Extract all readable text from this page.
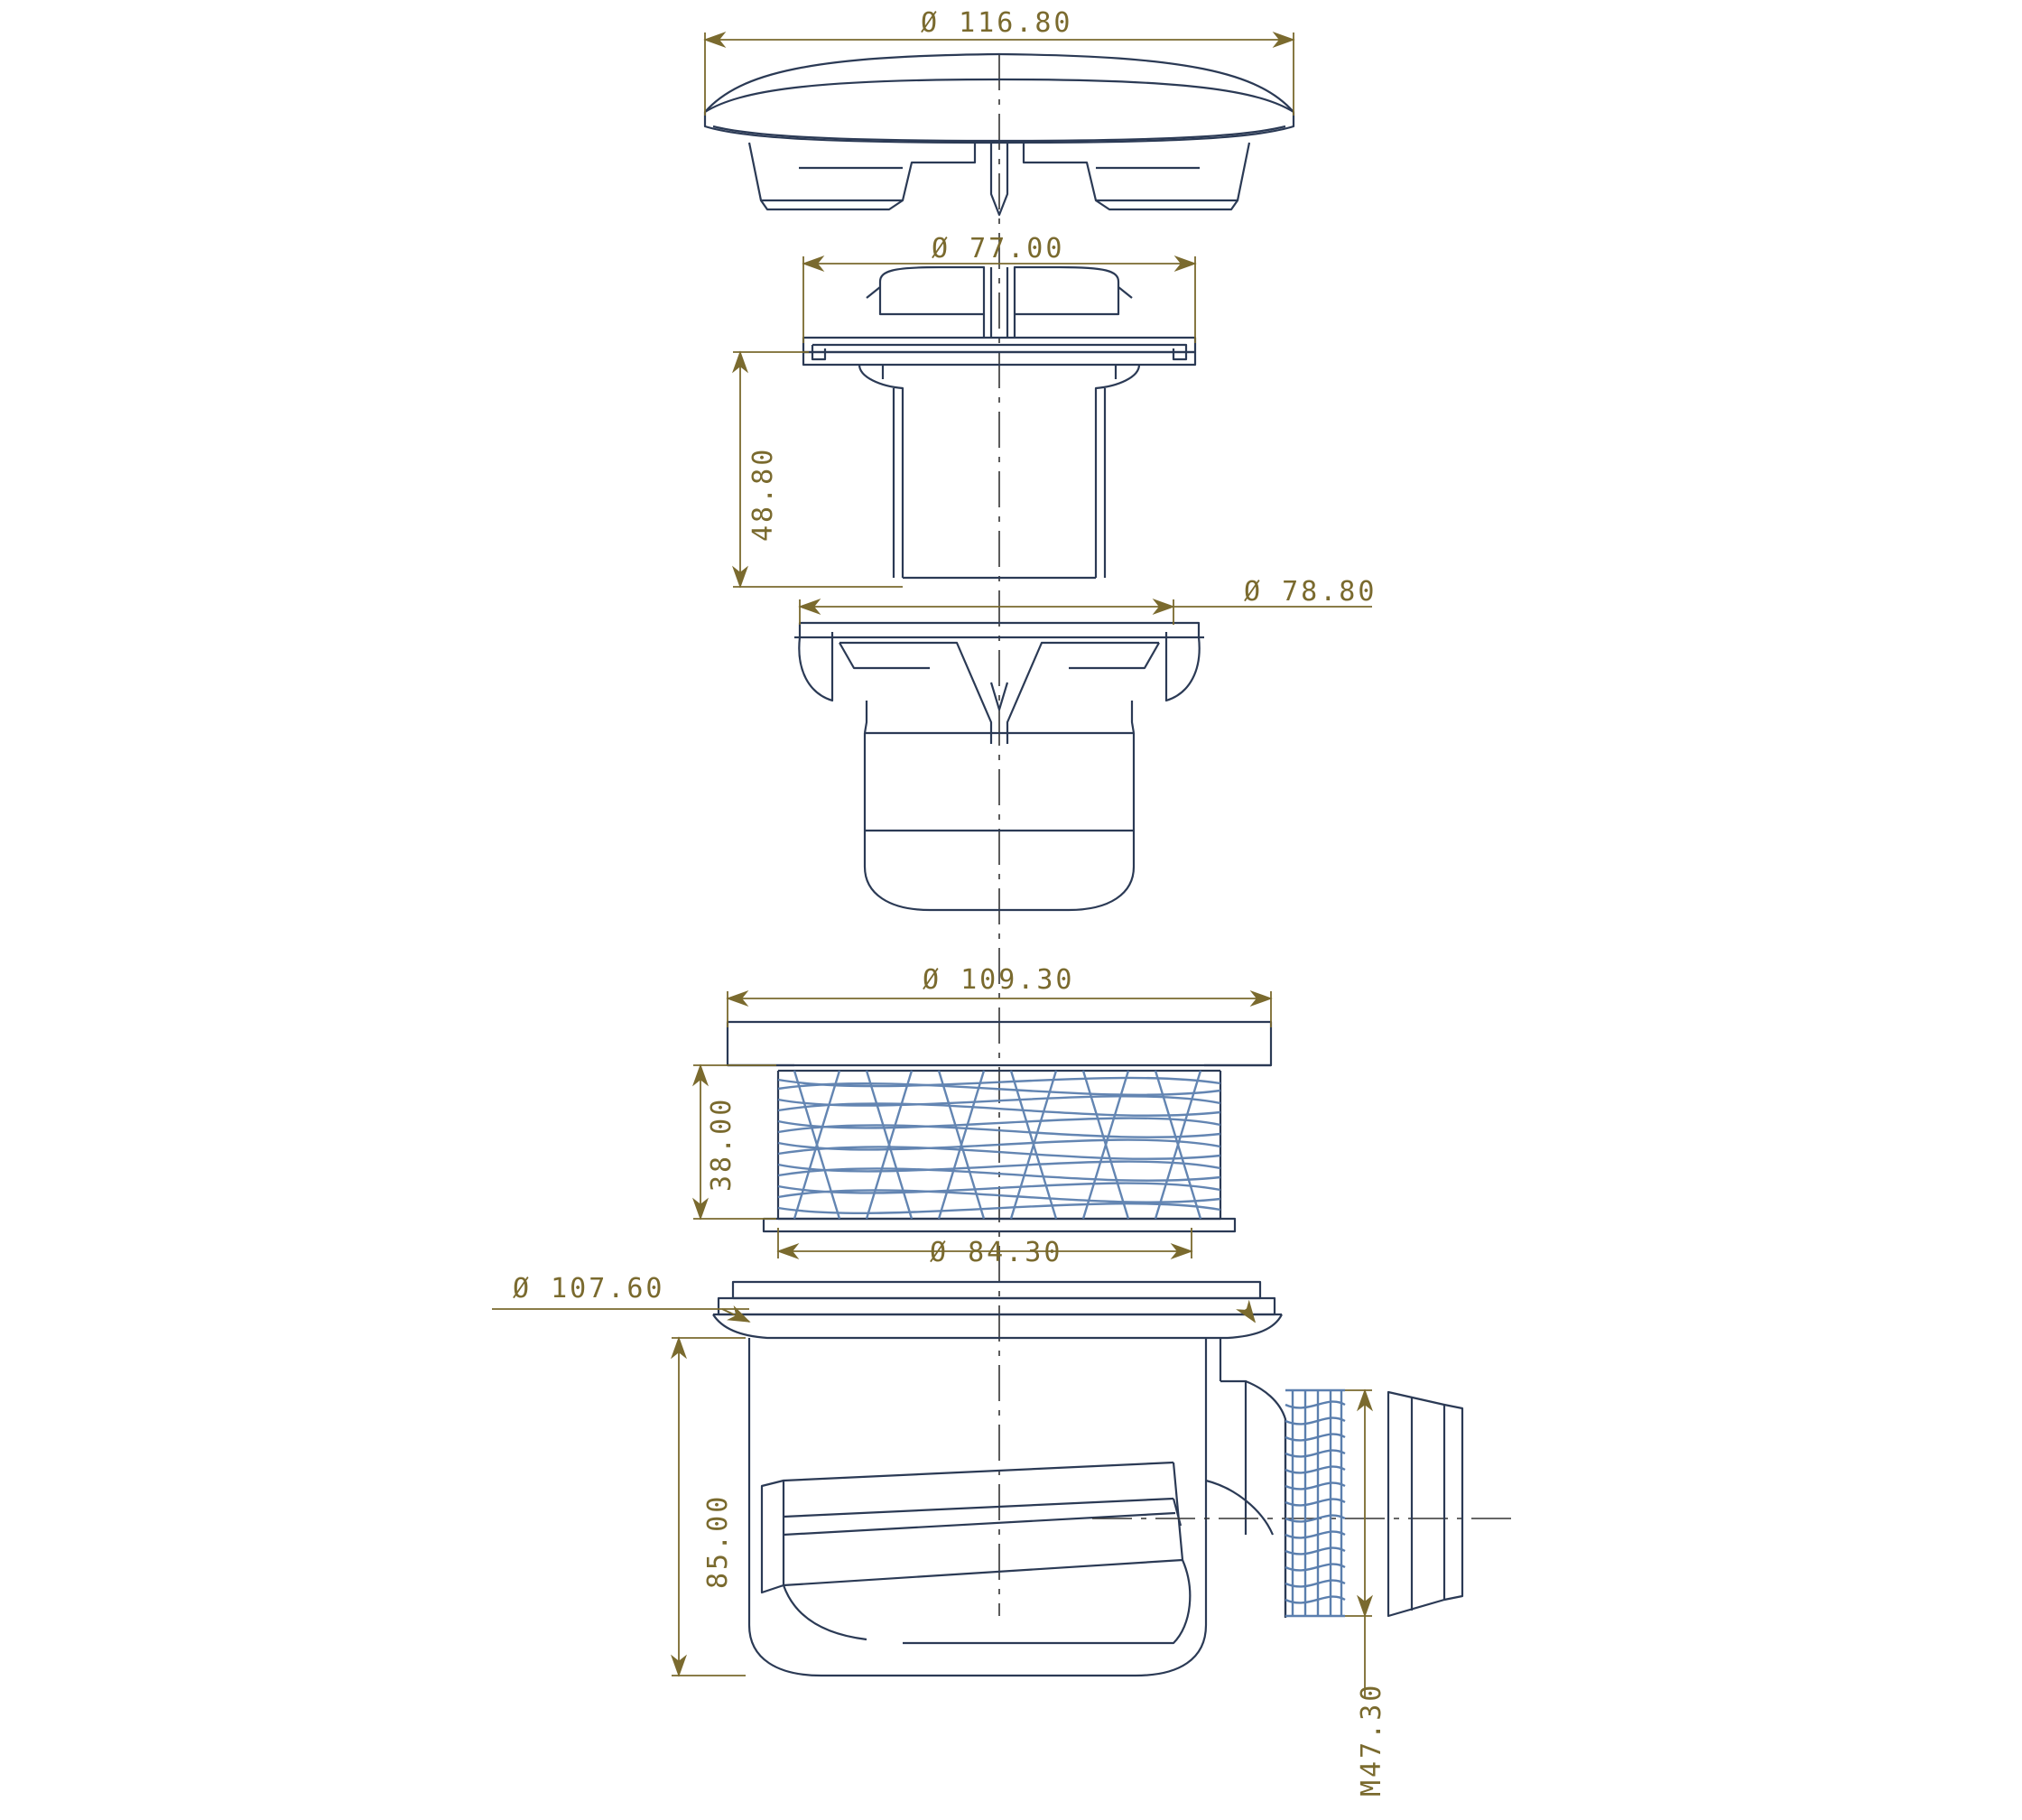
Ø 116.80
Ø 77.00
48.80
Ø 78.80
Ø 109.30
38.00
Ø 84.30
Ø 107.60
85.00
M47.30
